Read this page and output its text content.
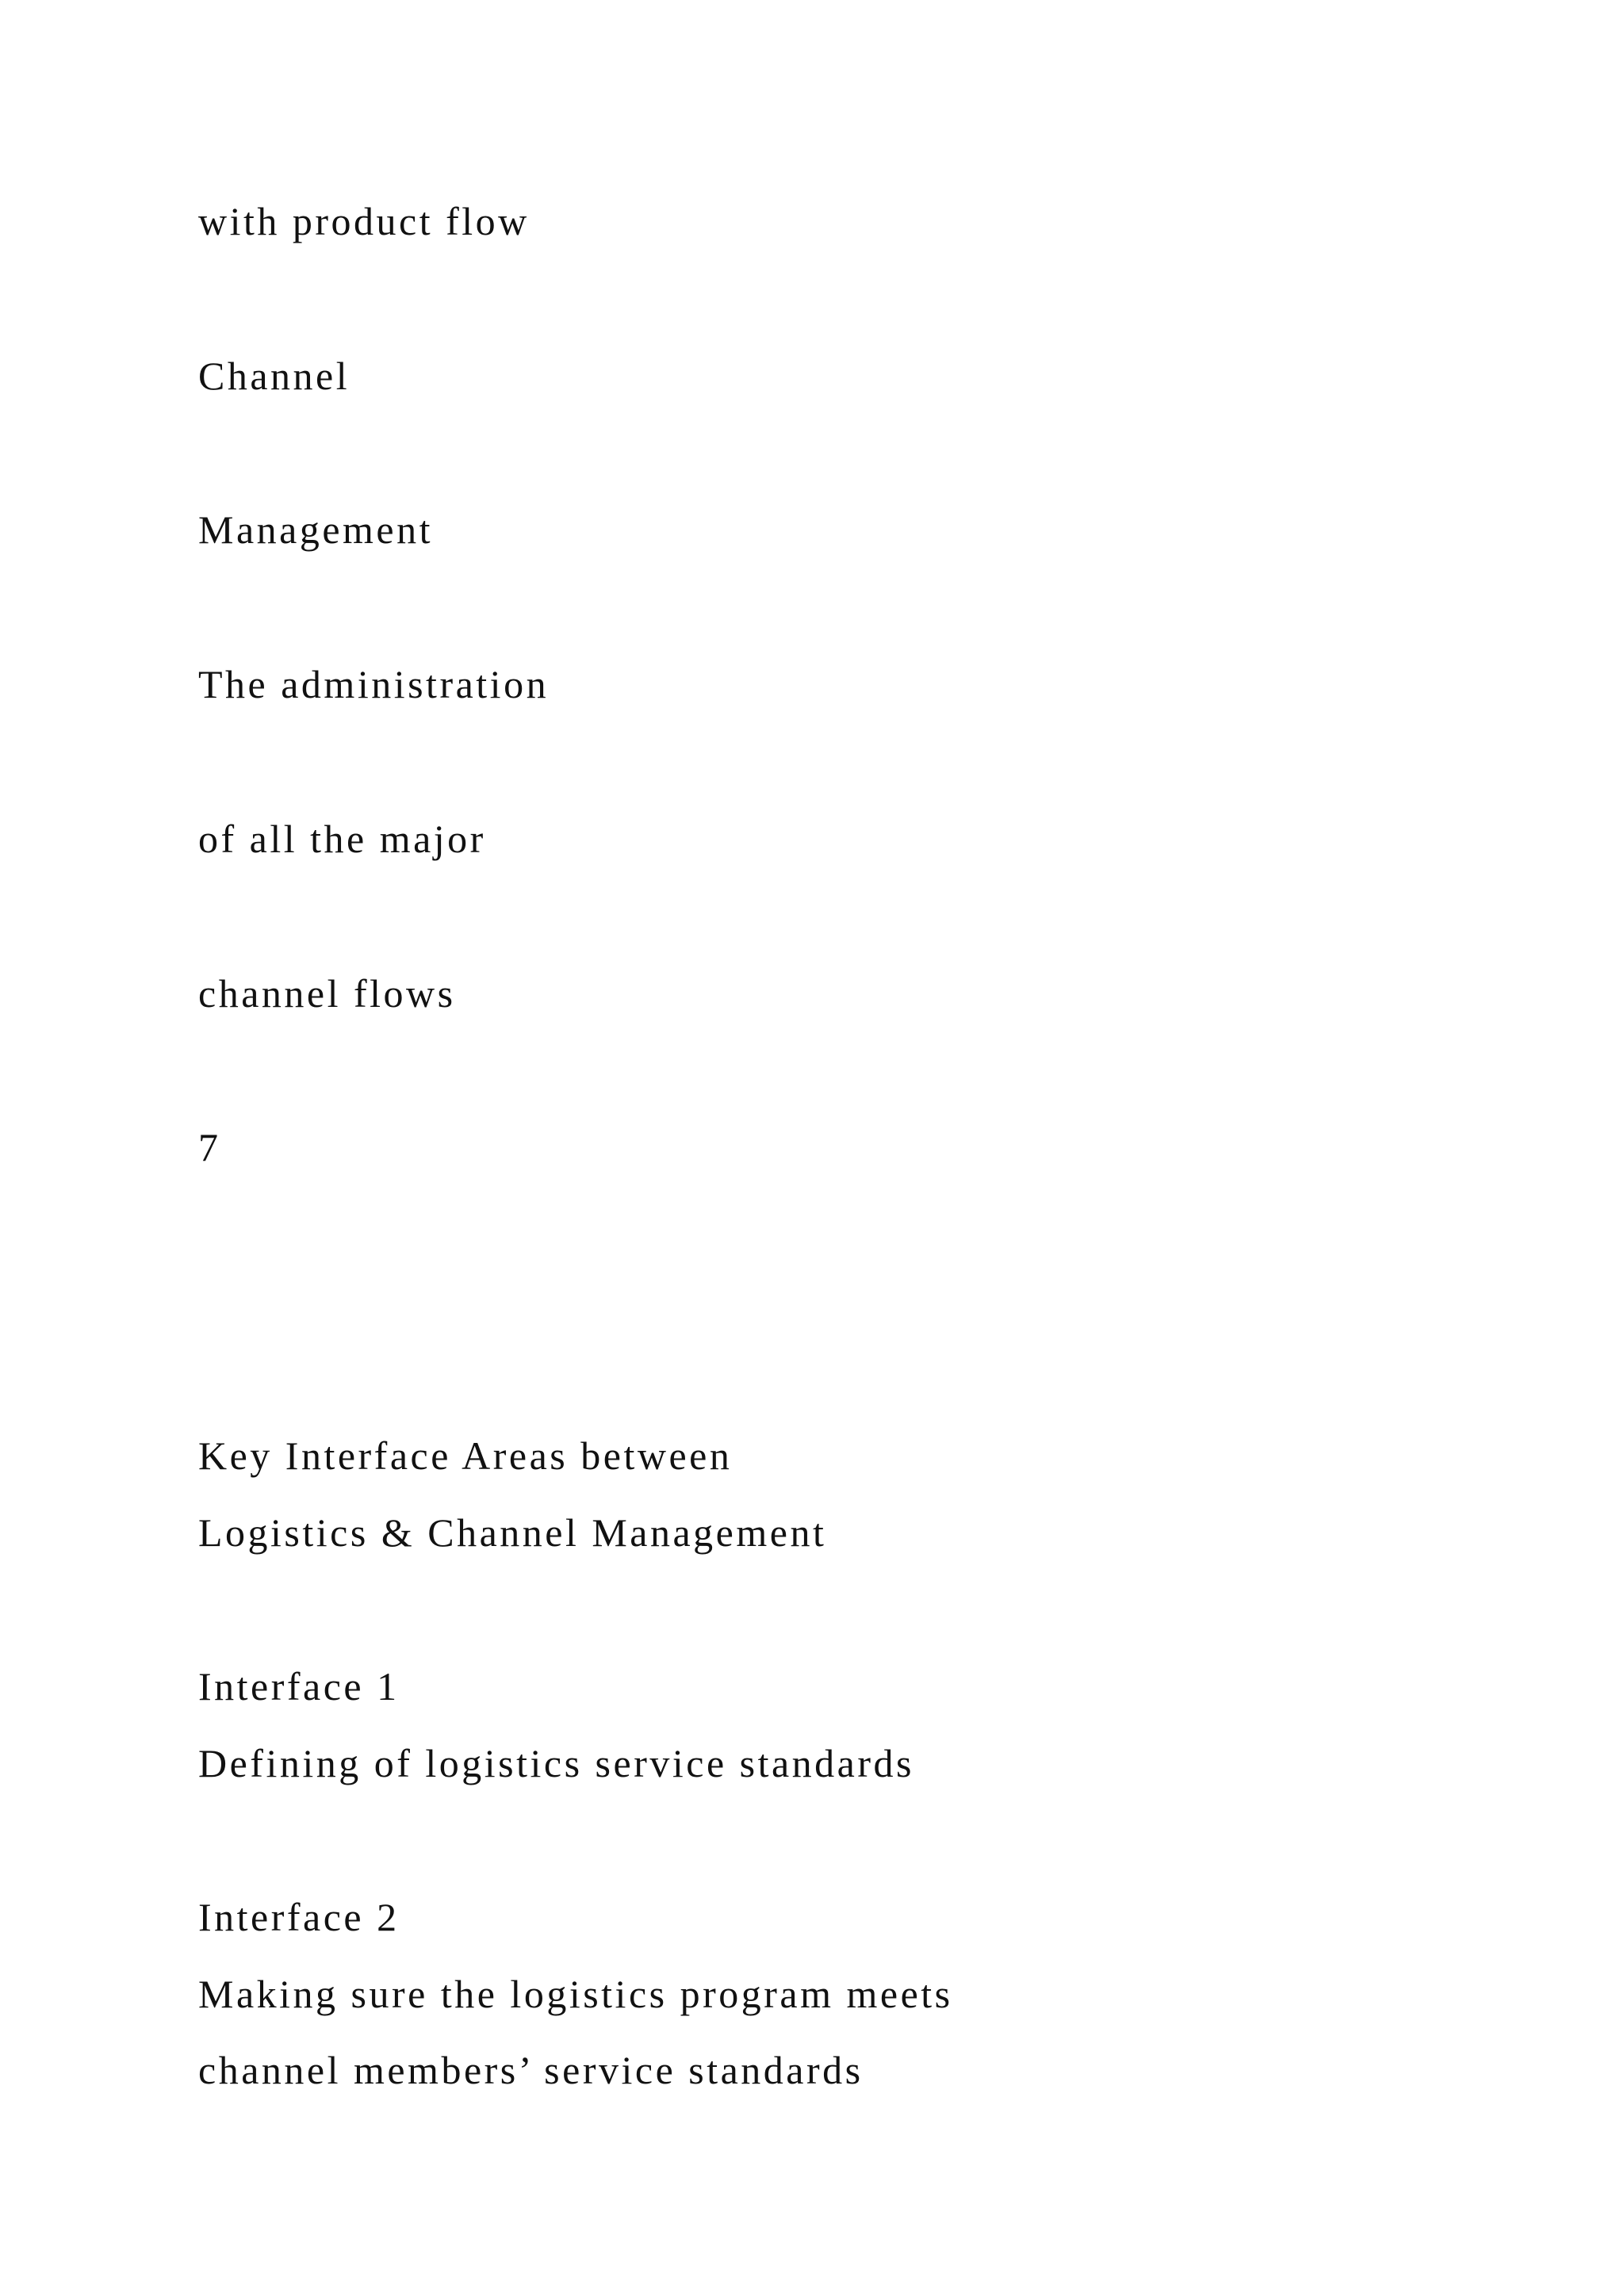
with product flow

Channel

Management

The administration

of all the major

channel flows

7

Key Interface Areas between

Logistics & Channel Management

Interface 1

Defining of logistics service standards

Interface 2

Making sure the logistics program meets

channel members’ service standards
